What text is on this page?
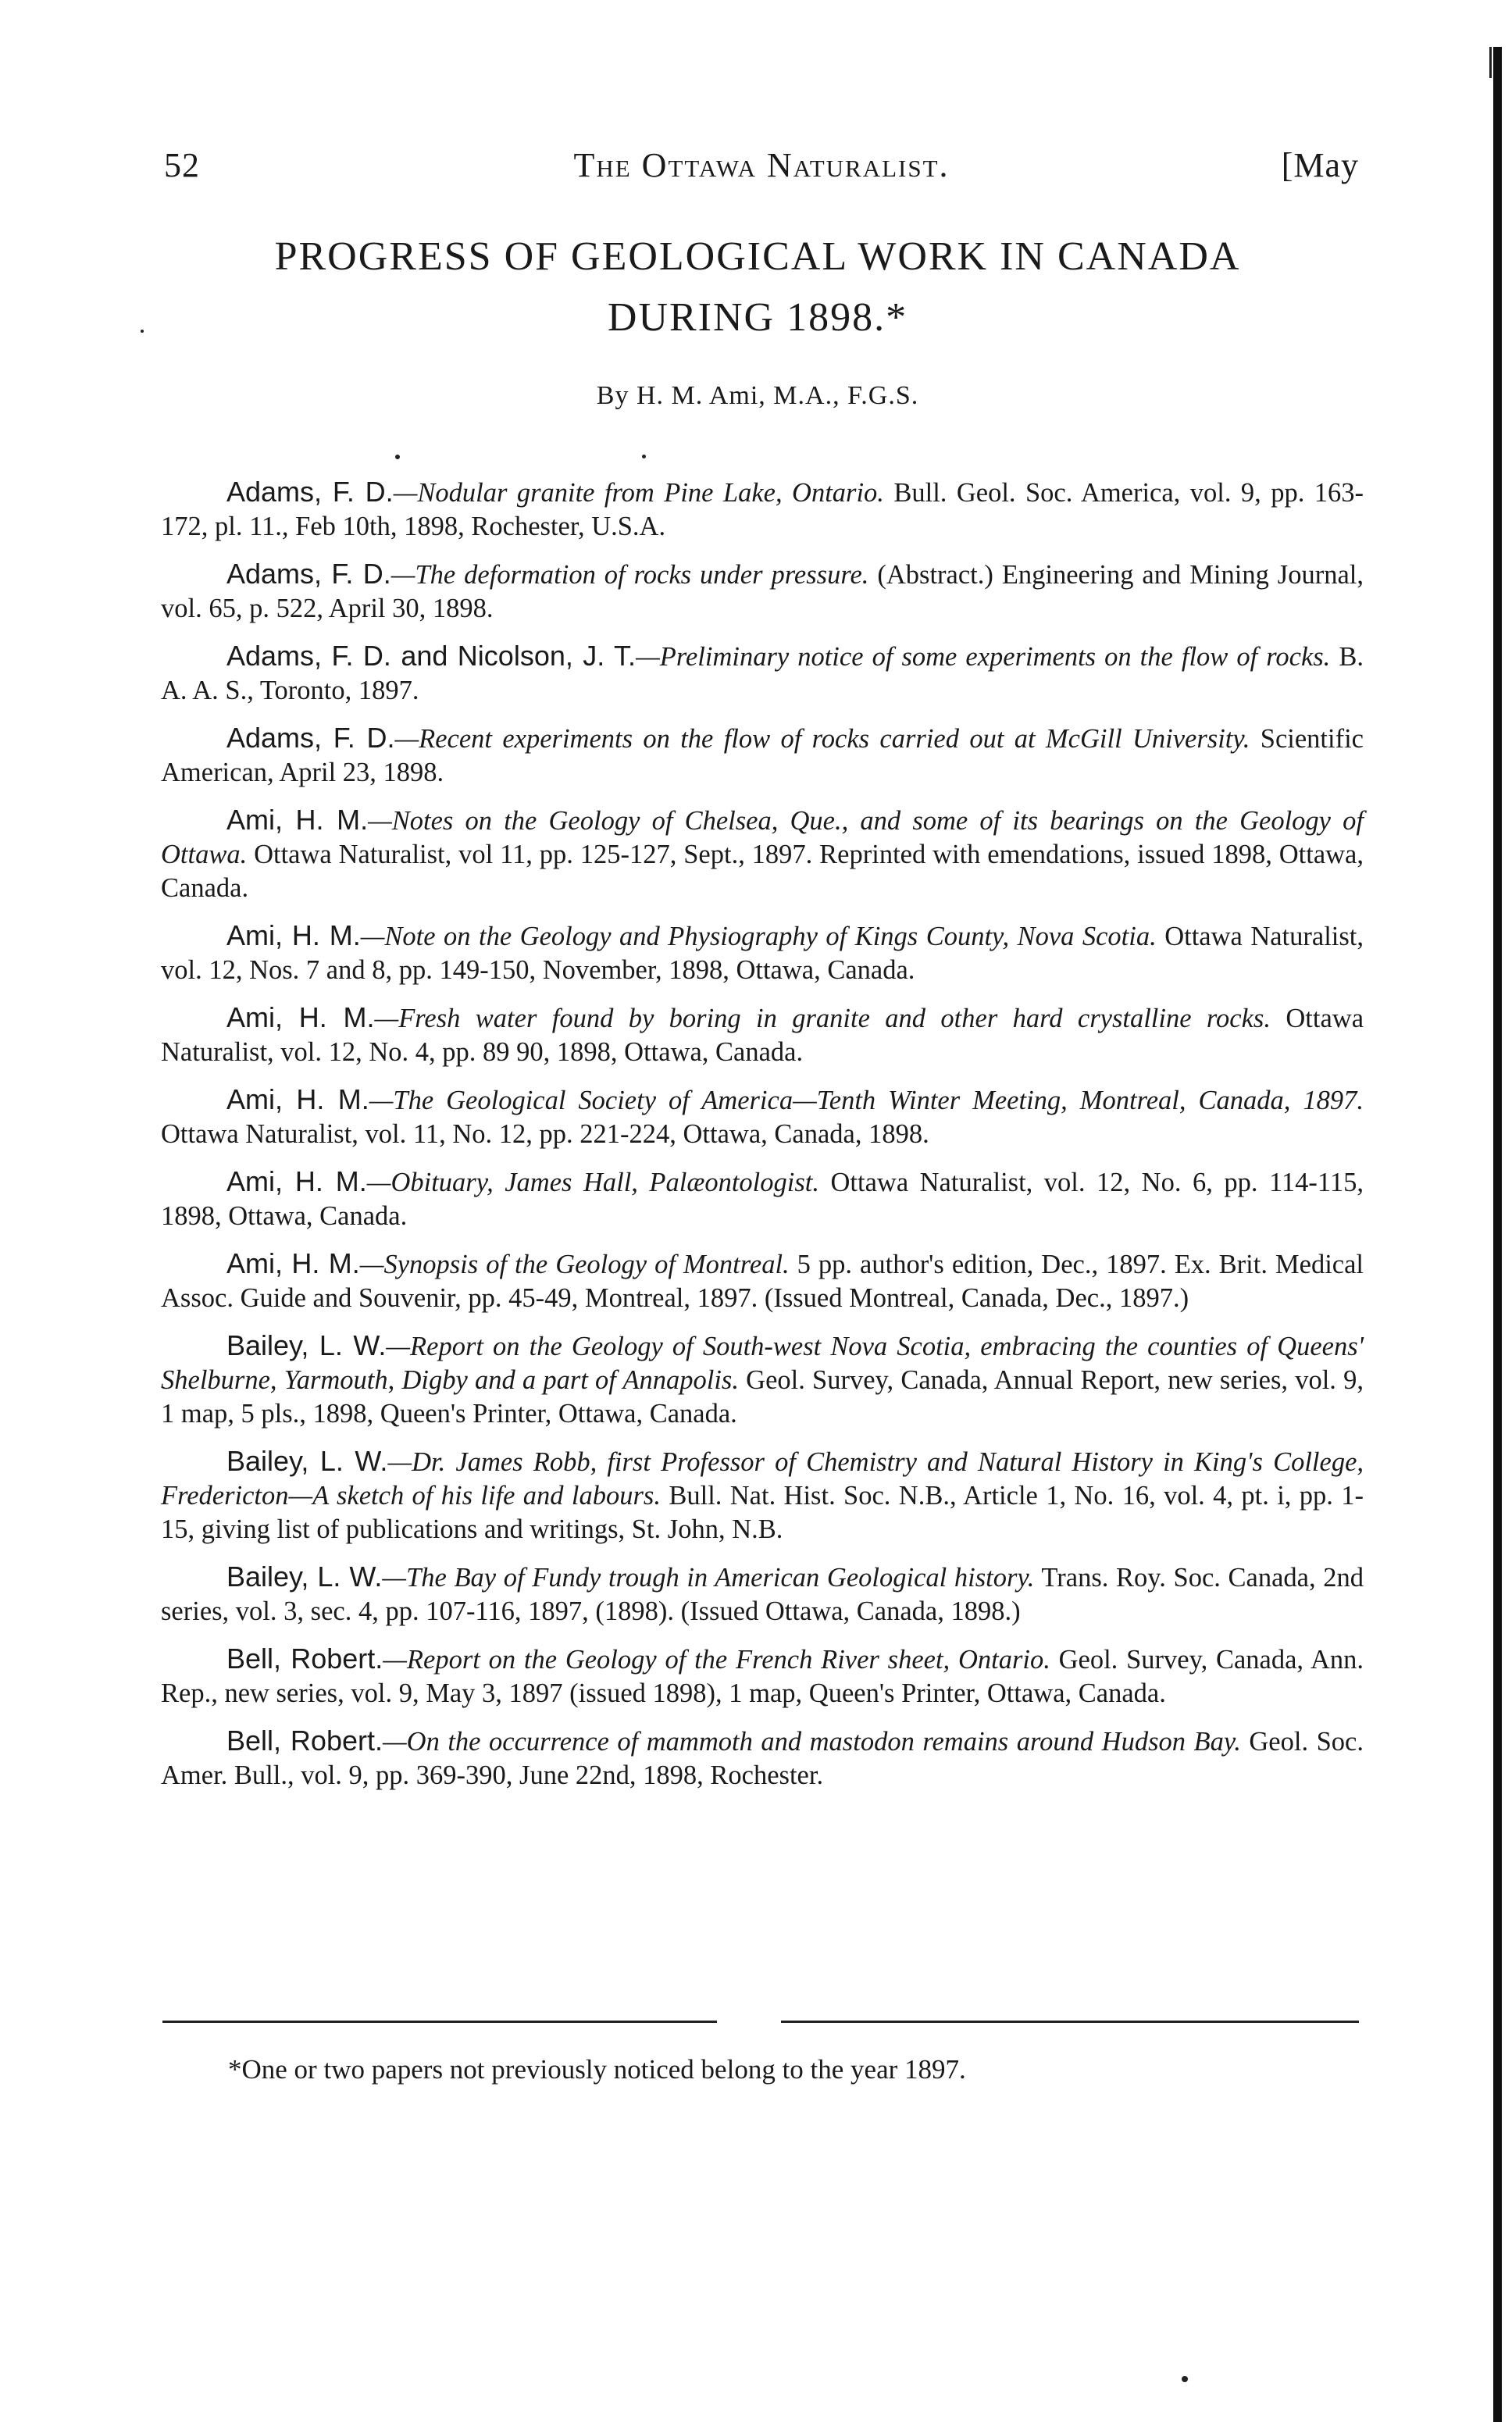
52	The Ottawa Naturalist.	[May
PROGRESS OF GEOLOGICAL WORK IN CANADA
DURING 1898.*
By H. M. Ami, M.A., F.G.S.

Adams, F. D.—Nodular granite from Pine Lake, Ontario. Bull. Geol. Soc. America, vol. 9, pp. 163-172, pl. 11., Feb 10th, 1898, Rochester, U.S.A.

Adams, F. D.—The deformation of rocks under pressure. (Abstract.) Engineering and Mining Journal, vol. 65, p. 522, April 30, 1898.

Adams, F. D. and Nicolson, J. T.—Preliminary notice of some experiments on the flow of rocks. B. A. A. S., Toronto, 1897.

Adams, F. D.—Recent experiments on the flow of rocks carried out at McGill University. Scientific American, April 23, 1898.

Ami, H. M.—Notes on the Geology of Chelsea, Que., and some of its bearings on the Geology of Ottawa. Ottawa Naturalist, vol 11, pp. 125-127, Sept., 1897. Reprinted with emendations, issued 1898, Ottawa, Canada.

Ami, H. M.—Note on the Geology and Physiography of Kings County, Nova Scotia. Ottawa Naturalist, vol. 12, Nos. 7 and 8, pp. 149-150, November, 1898, Ottawa, Canada.

Ami, H. M.—Fresh water found by boring in granite and other hard crystalline rocks. Ottawa Naturalist, vol. 12, No. 4, pp. 89 90, 1898, Ottawa, Canada.

Ami, H. M.—The Geological Society of America—Tenth Winter Meeting, Montreal, Canada, 1897. Ottawa Naturalist, vol. 11, No. 12, pp. 221-224, Ottawa, Canada, 1898.

Ami, H. M.—Obituary, James Hall, Palæontologist. Ottawa Naturalist, vol. 12, No. 6, pp. 114-115, 1898, Ottawa, Canada.

Ami, H. M.—Synopsis of the Geology of Montreal. 5 pp. author's edition, Dec., 1897. Ex. Brit. Medical Assoc. Guide and Souvenir, pp. 45-49, Montreal, 1897. (Issued Montreal, Canada, Dec., 1897.)

Bailey, L. W.—Report on the Geology of South-west Nova Scotia, embracing the counties of Queens' Shelburne, Yarmouth, Digby and a part of Annapolis. Geol. Survey, Canada, Annual Report, new series, vol. 9, 1 map, 5 pls., 1898, Queen's Printer, Ottawa, Canada.

Bailey, L. W.—Dr. James Robb, first Professor of Chemistry and Natural History in King's College, Fredericton—A sketch of his life and labours. Bull. Nat. Hist. Soc. N.B., Article 1, No. 16, vol. 4, pt. i, pp. 1-15, giving list of publications and writings, St. John, N.B.

Bailey, L. W.—The Bay of Fundy trough in American Geological history. Trans. Roy. Soc. Canada, 2nd series, vol. 3, sec. 4, pp. 107-116, 1897, (1898). (Issued Ottawa, Canada, 1898.)

Bell, Robert.—Report on the Geology of the French River sheet, Ontario. Geol. Survey, Canada, Ann. Rep., new series, vol. 9, May 3, 1897 (issued 1898), 1 map, Queen's Printer, Ottawa, Canada.

Bell, Robert.—On the occurrence of mammoth and mastodon remains around Hudson Bay. Geol. Soc. Amer. Bull., vol. 9, pp. 369-390, June 22nd, 1898, Rochester.

*One or two papers not previously noticed belong to the year 1897.
